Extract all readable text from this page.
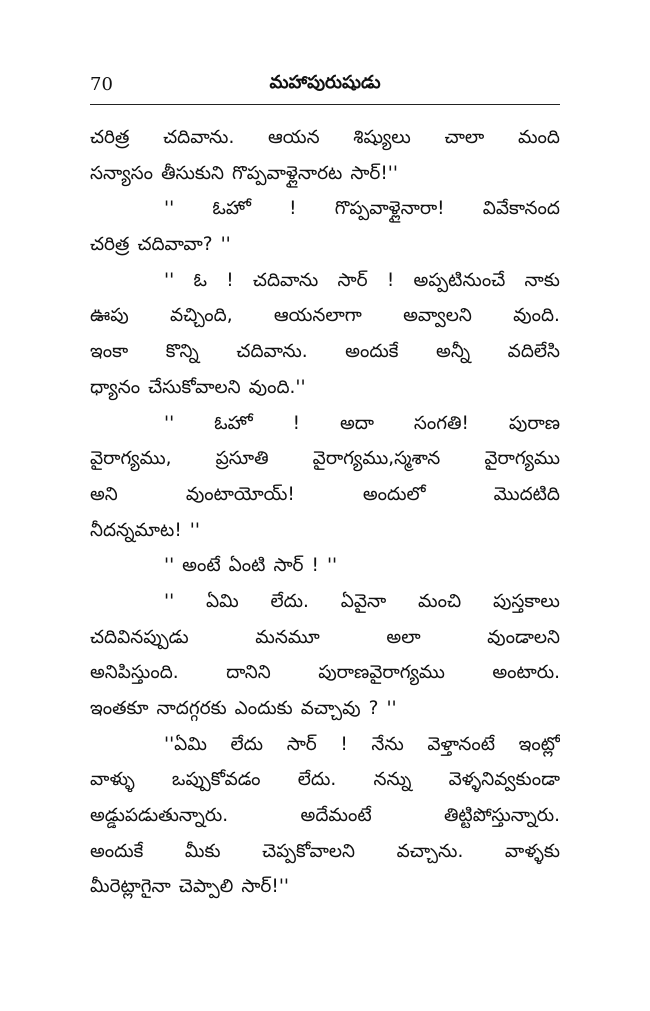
70	మహాపురుషుడు
చరిత్ర చదివాను. ఆయన శిష్యులు చాలా మంది
సన్యాసం తీసుకుని గొప్పవాళ్లైనారట సార్!''
'' ఓహో ! గొప్పవాళ్లైనారా! వివేకానంద
చరిత్ర చదివావా? ''
'' ఓ ! చదివాను సార్ ! అప్పటినుంచే నాకు
ఊపు వచ్చింది, ఆయనలాగా అవ్వాలని వుంది.
ఇంకా కొన్ని చదివాను. అందుకే అన్నీ వదిలేసి
ధ్యానం చేసుకోవాలని వుంది.''
'' ఓహో ! అదా సంగతి! పురాణ
వైరాగ్యము, ప్రసూతి వైరాగ్యము,స్మశాన వైరాగ్యము
అని	వుంటాయోయ్!	అందులో	మొదటిది
నీదన్నమాట! ''
'' అంటే ఏంటి సార్ ! ''
'' ఏమి లేదు. ఏవైనా మంచి పుస్తకాలు
చదివినప్పుడు	మనమూ	అలా	వుండాలని
అనిపిస్తుంది.	దానిని	పురాణవైరాగ్యము	అంటారు.
ఇంతకూ నాదగ్గరకు ఎందుకు వచ్చావు ? ''
''ఏమి లేదు సార్ ! నేను వెళ్తానంటే ఇంట్లో
వాళ్ళు ఒప్పుకోవడం లేదు. నన్ను వెళ్ళనివ్వకుండా
అడ్డుపడుతున్నారు.	అదేమంటే	తిట్టిపోస్తున్నారు.
అందుకే మీకు చెప్పకోవాలని వచ్చాను. వాళ్ళకు
మీరెట్లాగైనా చెప్పాలి సార్!''
